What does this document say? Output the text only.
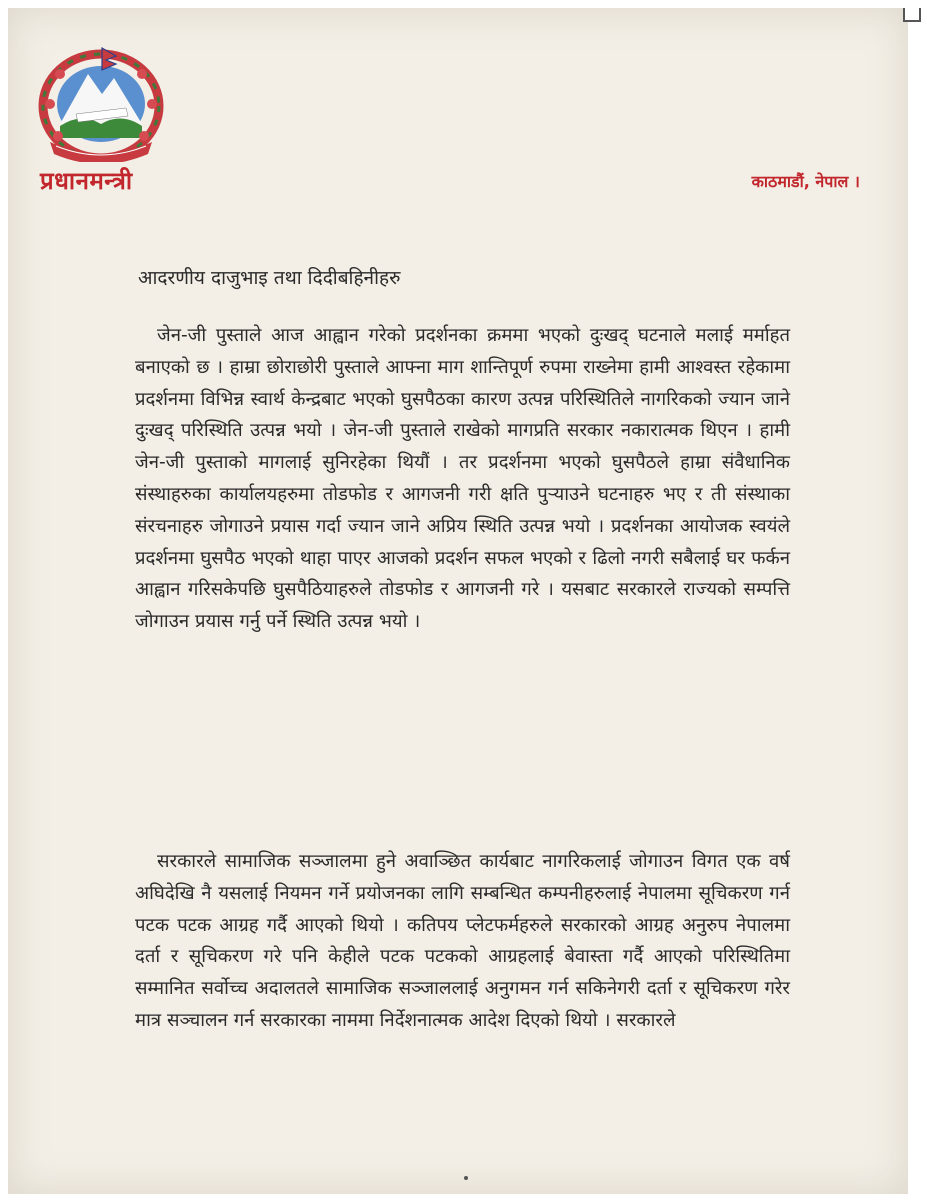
प्रधानमन्त्री	काठमाडौं, नेपाल ।
आदरणीय दाजुभाइ तथा दिदीबहिनीहरु

जेन-जी पुस्ताले आज आह्वान गरेको प्रदर्शनका क्रममा भएको दुःखद् घटनाले मलाई मर्माहत बनाएको छ । हाम्रा छोराछोरी पुस्ताले आफ्ना माग शान्तिपूर्ण रुपमा राख्नेमा हामी आश्वस्त रहेकामा प्रदर्शनमा विभिन्न स्वार्थ केन्द्रबाट भएको घुसपैठका कारण उत्पन्न परिस्थितिले नागरिकको ज्यान जाने दुःखद् परिस्थिति उत्पन्न भयो । जेन-जी पुस्ताले राखेको मागप्रति सरकार नकारात्मक थिएन । हामी जेन-जी पुस्ताको मागलाई सुनिरहेका थियौं । तर प्रदर्शनमा भएको घुसपैठले हाम्रा संवैधानिक संस्थाहरुका कार्यालयहरुमा तोडफोड र आगजनी गरी क्षति पुऱ्याउने घटनाहरु भए र ती संस्थाका संरचनाहरु जोगाउने प्रयास गर्दा ज्यान जाने अप्रिय स्थिति उत्पन्न भयो । प्रदर्शनका आयोजक स्वयंले प्रदर्शनमा घुसपैठ भएको थाहा पाएर आजको प्रदर्शन सफल भएको र ढिलो नगरी सबैलाई घर फर्कन आह्वान गरिसकेपछि घुसपैठियाहरुले तोडफोड र आगजनी गरे । यसबाट सरकारले राज्यको सम्पत्ति जोगाउन प्रयास गर्नु पर्ने स्थिति उत्पन्न भयो ।

सरकारले सामाजिक सञ्जालमा हुने अवाञ्छित कार्यबाट नागरिकलाई जोगाउन विगत एक वर्ष अघिदेखि नै यसलाई नियमन गर्ने प्रयोजनका लागि सम्बन्धित कम्पनीहरुलाई नेपालमा सूचिकरण गर्न पटक पटक आग्रह गर्दै आएको थियो । कतिपय प्लेटफर्महरुले सरकारको आग्रह अनुरुप नेपालमा दर्ता र सूचिकरण गरे पनि केहीले पटक पटकको आग्रहलाई बेवास्ता गर्दै आएको परिस्थितिमा सम्मानित सर्वोच्च अदालतले सामाजिक सञ्जाललाई अनुगमन गर्न सकिनेगरी दर्ता र सूचिकरण गरेर मात्र सञ्चालन गर्न सरकारका नाममा निर्देशनात्मक आदेश दिएको थियो । सरकारले
